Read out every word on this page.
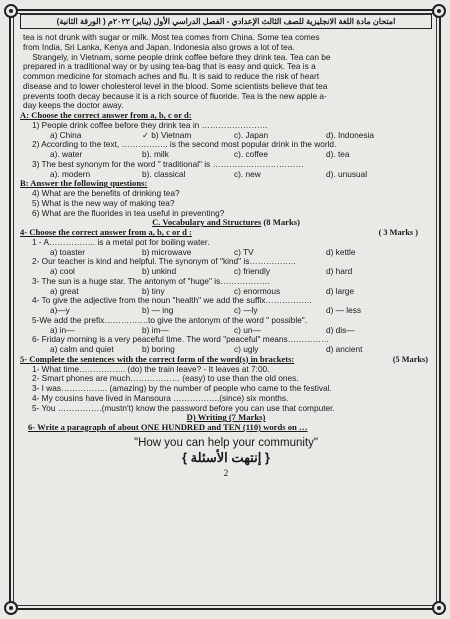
امتحان مادة اللغة الانجليزية للصف الثالث الإعدادي - الفصل الدراسي الأول (يناير) ٢٠٢٢م ( الورقة الثانية)

tea is not drunk with sugar or milk. Most tea comes from China. Some tea comes

from India, Sri Lanka, Kenya and Japan. Indonesia also grows a lot of tea.

Strangely, in Vietnam, some people drink coffee before they drink tea. Tea can be

prepared in a traditional way or by using tea-bag that is easy and quick. Tea is a

common medicine for stomach aches and flu. It is said to reduce the risk of heart

disease and to lower cholesterol level in the blood. Some scientists believe that tea

prevents tooth decay because it is a rich source of fluoride. Tea is the new apple a-

day keeps the doctor away.

A: Choose the correct answer from a, b, c or d:
1) People drink coffee before they drink tea in ……………………
a) China	✓ b) Vietnam	c). Japan	d). Indonesia
2) According to the text, …………….. is the second most popular drink in the world.
a). water	b). milk	c). coffee	d). tea
3) The best synonym for the word " traditional" is ……………………………
a). modern	b). classical	c). new	d). unusual
B: Answer the following questions:
4) What are the benefits of drinking tea?
5) What is the new way of making tea?
6) What are the fluorides in tea useful in preventing?
C. Vocabulary and Structures (8 Marks)
4- Choose the correct answer from a, b, c or d :	( 3 Marks )
1 - A…………….. is a metal pot for boiling water.
a) toaster	b) microwave	c) TV	d) kettle
2- Our teacher is kind and helpful. The synonym of "kind" is……………..
a) cool	b) unkind	c) friendly	d) hard
3- The sun is a huge star. The antonym of "huge" is………………
a) great	b) tiny	c) enormous	d) large
4- To give the adjective from the noun "health" we add the suffix……………..
a)—y	b) — ing	c) —ly	d) — less
5-We add the prefix…………….to give the antonym of the word " possible".
a) in—	b) im—	c) un—	d) dis—
6- Friday morning is a very peaceful time. The word "peaceful" means……………
a) calm and quiet	b) boring	c) ugly	d) ancient
5- Complete the sentences with the correct form of the word(s) in brackets:	(5 Marks)
1- What time…………….. (do) the train leave? - It leaves at 7:00.
2- Smart phones are much……………… (easy) to use than the old ones.
3- I was…………….. (amazing) by the number of people who came to the festival.
4- My cousins have lived in Mansoura ……………..(since) six months.
5- You …………….(mustn't) know the password before you can use that computer.
D) Writing (7 Marks)
6- Write a paragraph of about ONE HUNDRED and TEN (110) words on …
"How you can help your community"
{ إنتهت الأسئلة }
2
